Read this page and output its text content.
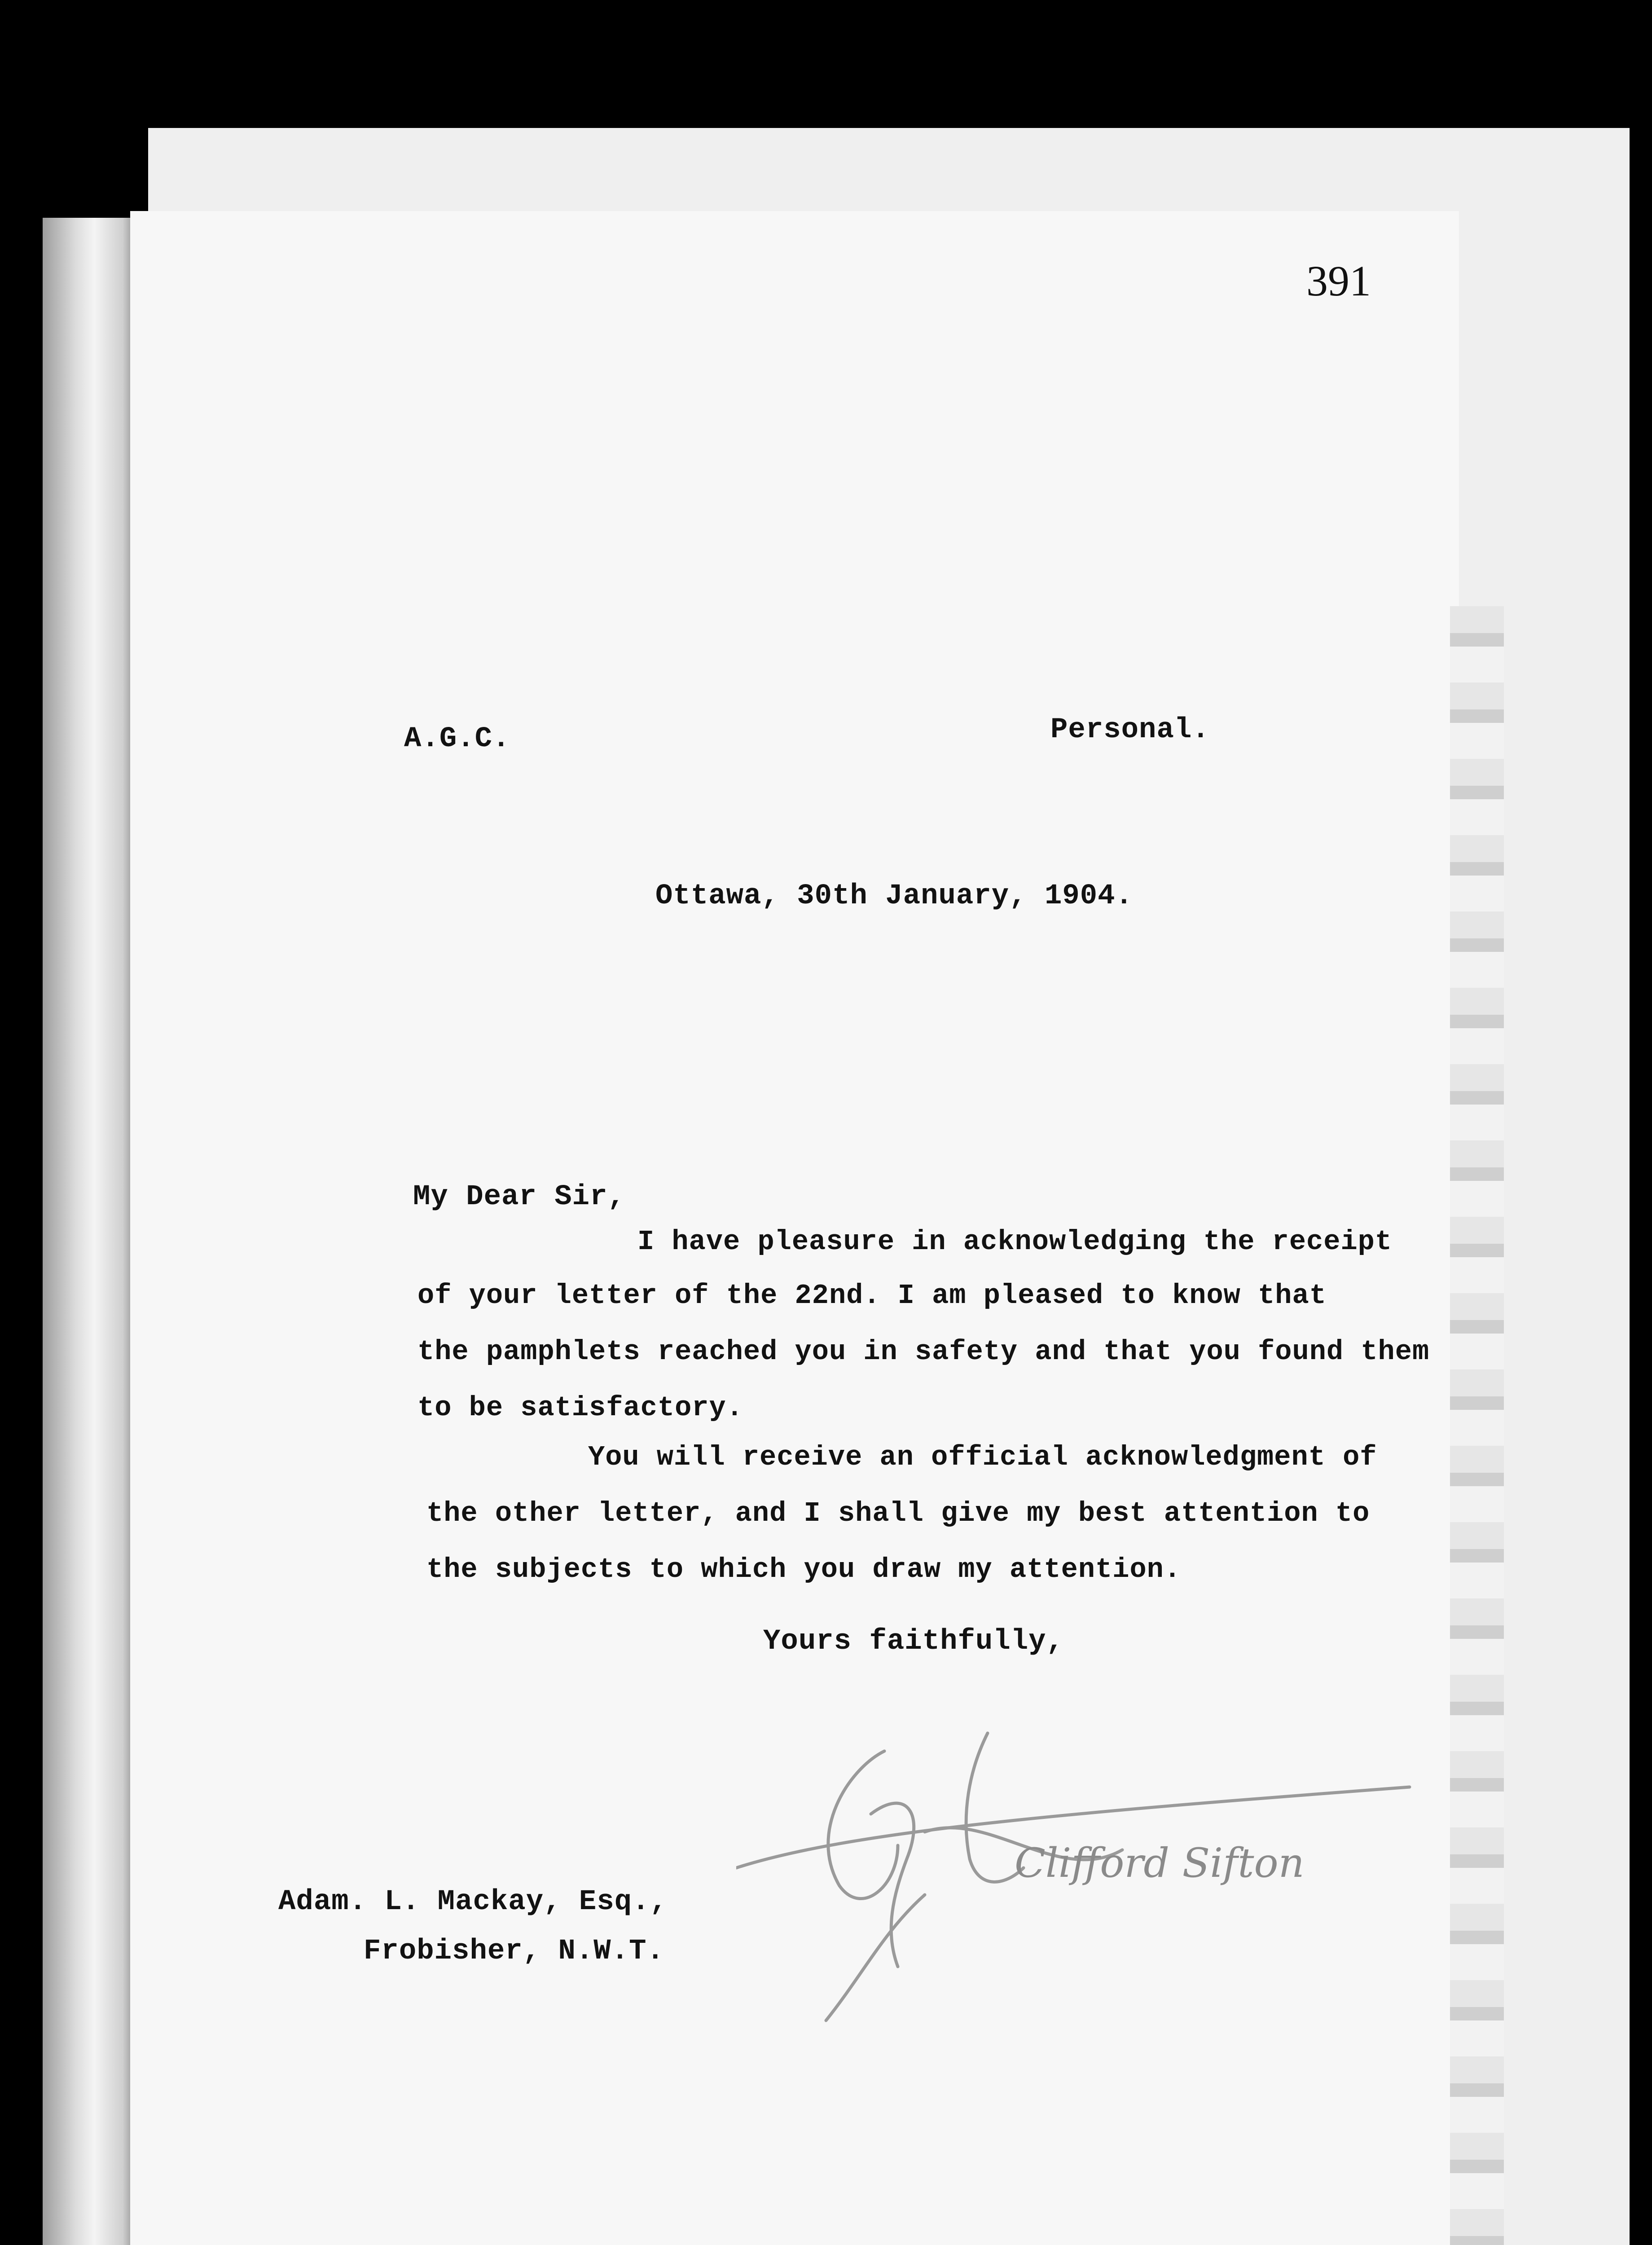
391
A.G.C.	Personal.
Ottawa, 30th January, 1904.
My Dear Sir,
I have pleasure in acknowledging the receipt
of your letter of the 22nd. I am pleased to know that
the pamphlets reached you in safety and that you found them
to be satisfactory.
You will receive an official acknowledgment of
the other letter, and I shall give my best attention to
the subjects to which you draw my attention.
Yours faithfully,
Adam. L. Mackay, Esq.,
Frobisher, N.W.T.
Clifford Sifton
